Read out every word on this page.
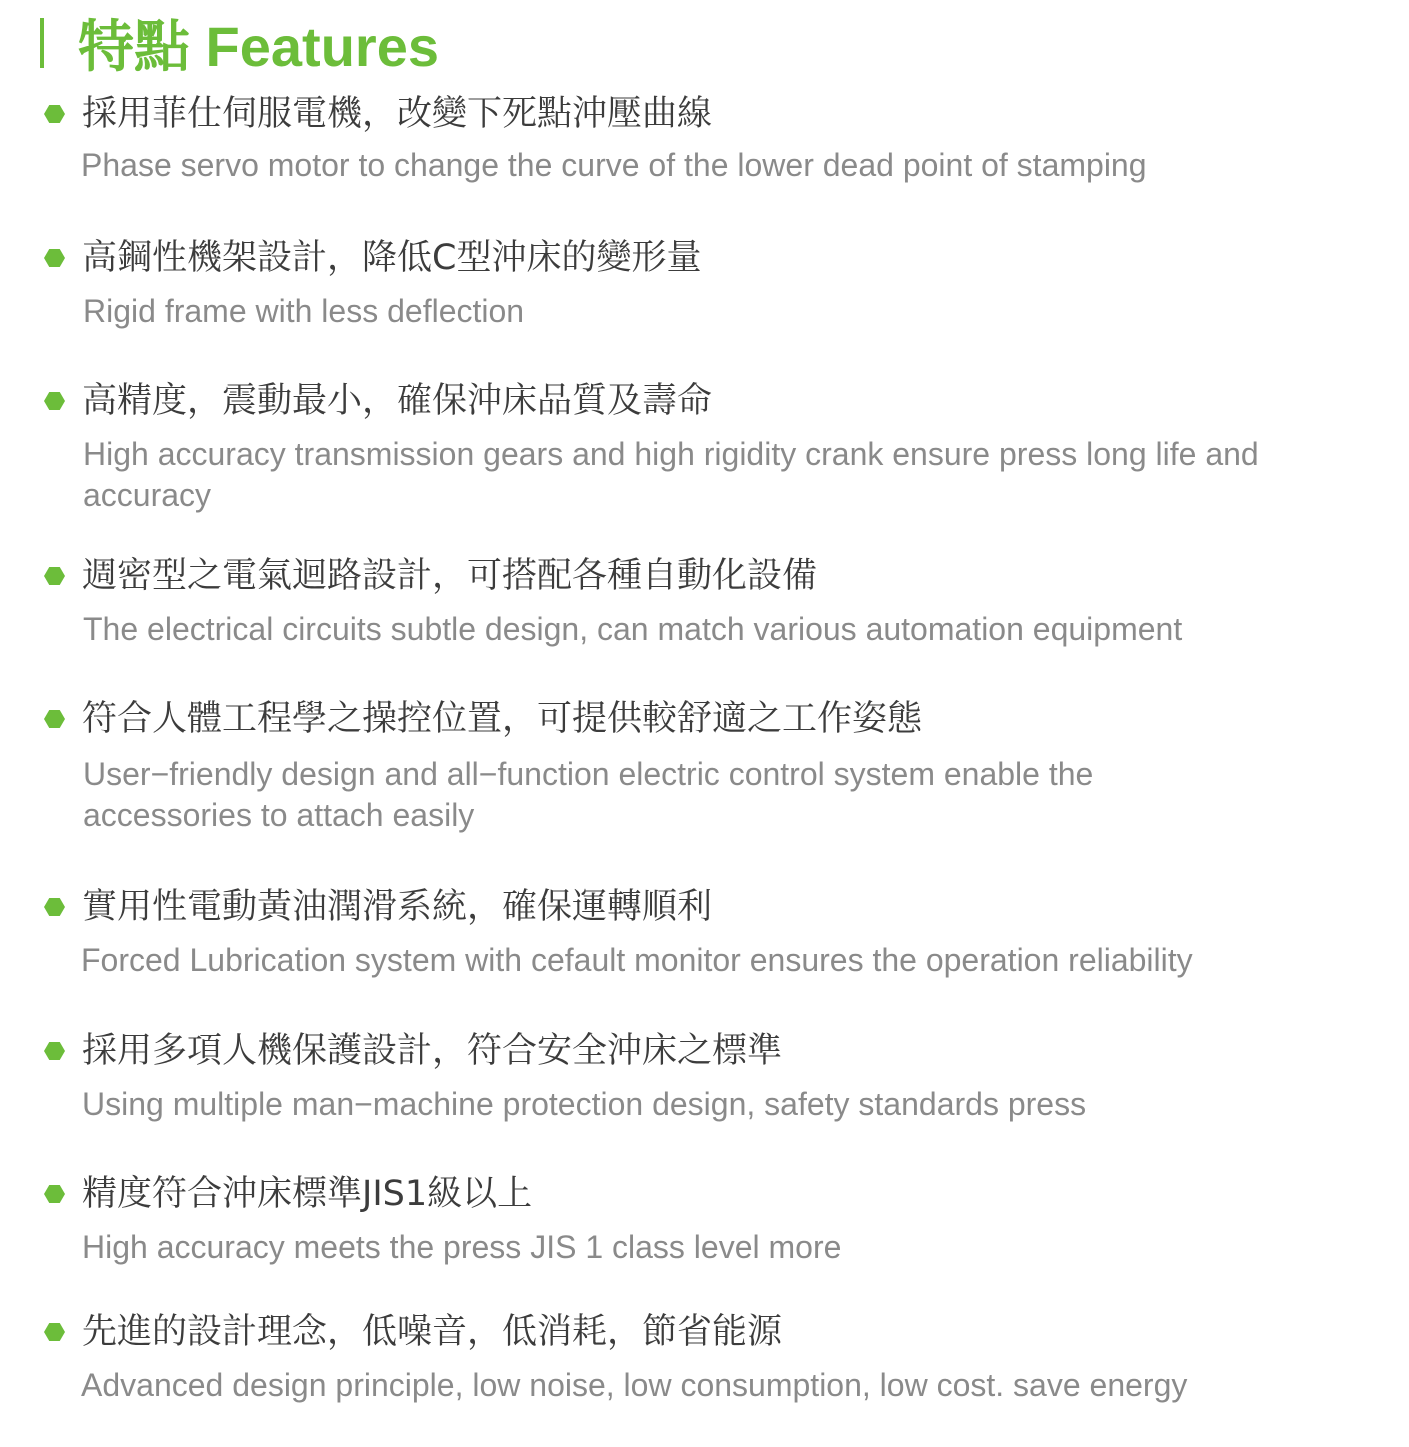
特點 Features
採用菲仕伺服電機，改變下死點沖壓曲線
Phase servo motor to change the curve of the lower dead point of stamping
高鋼性機架設計，降低C型沖床的變形量
Rigid frame with less deflection
高精度，震動最小，確保沖床品質及壽命
High accuracy transmission gears and high rigidity crank ensure press long life and accuracy
週密型之電氣迴路設計，可搭配各種自動化設備
The electrical circuits subtle design, can match various automation equipment
符合人體工程學之操控位置，可提供較舒適之工作姿態
User−friendly design and all−function electric control system enable the accessories to attach easily
實用性電動黃油潤滑系統，確保運轉順利
Forced Lubrication system with cefault monitor ensures the operation reliability
採用多項人機保護設計，符合安全沖床之標準
Using multiple man−machine protection design, safety standards press
精度符合沖床標準JIS1級以上
High accuracy meets the press JIS 1 class level more
先進的設計理念，低噪音，低消耗，節省能源
Advanced design principle, low noise, low consumption, low cost. save energy
